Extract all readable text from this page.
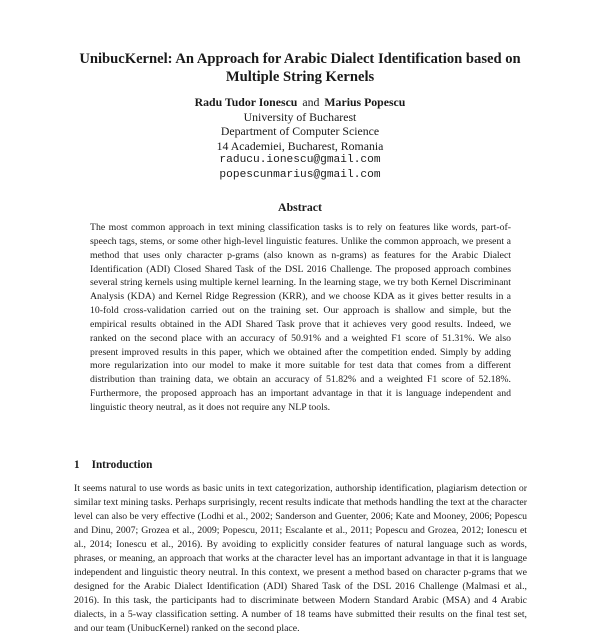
UnibucKernel: An Approach for Arabic Dialect Identification based on
Multiple String Kernels
Radu Tudor Ionescu and Marius Popescu
University of Bucharest
Department of Computer Science
14 Academiei, Bucharest, Romania
raducu.ionescu@gmail.com
popescunmarius@gmail.com
Abstract

The most common approach in text mining classification tasks is to rely on features like words, part-of-speech tags, stems, or some other high-level linguistic features. Unlike the common approach, we present a method that uses only character p-grams (also known as n-grams) as features for the Arabic Dialect Identification (ADI) Closed Shared Task of the DSL 2016 Challenge. The proposed approach combines several string kernels using multiple kernel learning. In the learning stage, we try both Kernel Discriminant Analysis (KDA) and Kernel Ridge Regression (KRR), and we choose KDA as it gives better results in a 10-fold cross-validation carried out on the training set. Our approach is shallow and simple, but the empirical results obtained in the ADI Shared Task prove that it achieves very good results. Indeed, we ranked on the second place with an accuracy of 50.91% and a weighted F1 score of 51.31%. We also present improved results in this paper, which we obtained after the competition ended. Simply by adding more regularization into our model to make it more suitable for test data that comes from a different distribution than training data, we obtain an accuracy of 51.82% and a weighted F1 score of 52.18%. Furthermore, the proposed approach has an important advantage in that it is language independent and linguistic theory neutral, as it does not require any NLP tools.

1 Introduction

It seems natural to use words as basic units in text categorization, authorship identification, plagiarism detection or similar text mining tasks. Perhaps surprisingly, recent results indicate that methods handling the text at the character level can also be very effective (Lodhi et al., 2002; Sanderson and Guenter, 2006; Kate and Mooney, 2006; Popescu and Dinu, 2007; Grozea et al., 2009; Popescu, 2011; Escalante et al., 2011; Popescu and Grozea, 2012; Ionescu et al., 2014; Ionescu et al., 2016). By avoiding to explicitly consider features of natural language such as words, phrases, or meaning, an approach that works at the character level has an important advantage in that it is language independent and linguistic theory neutral. In this context, we present a method based on character p-grams that we designed for the Arabic Dialect Identification (ADI) Shared Task of the DSL 2016 Challenge (Malmasi et al., 2016). In this task, the participants had to discriminate between Modern Standard Arabic (MSA) and 4 Arabic dialects, in a 5-way classification setting. A number of 18 teams have submitted their results on the final test set, and our team (UnibucKernel) ranked on the second place.
